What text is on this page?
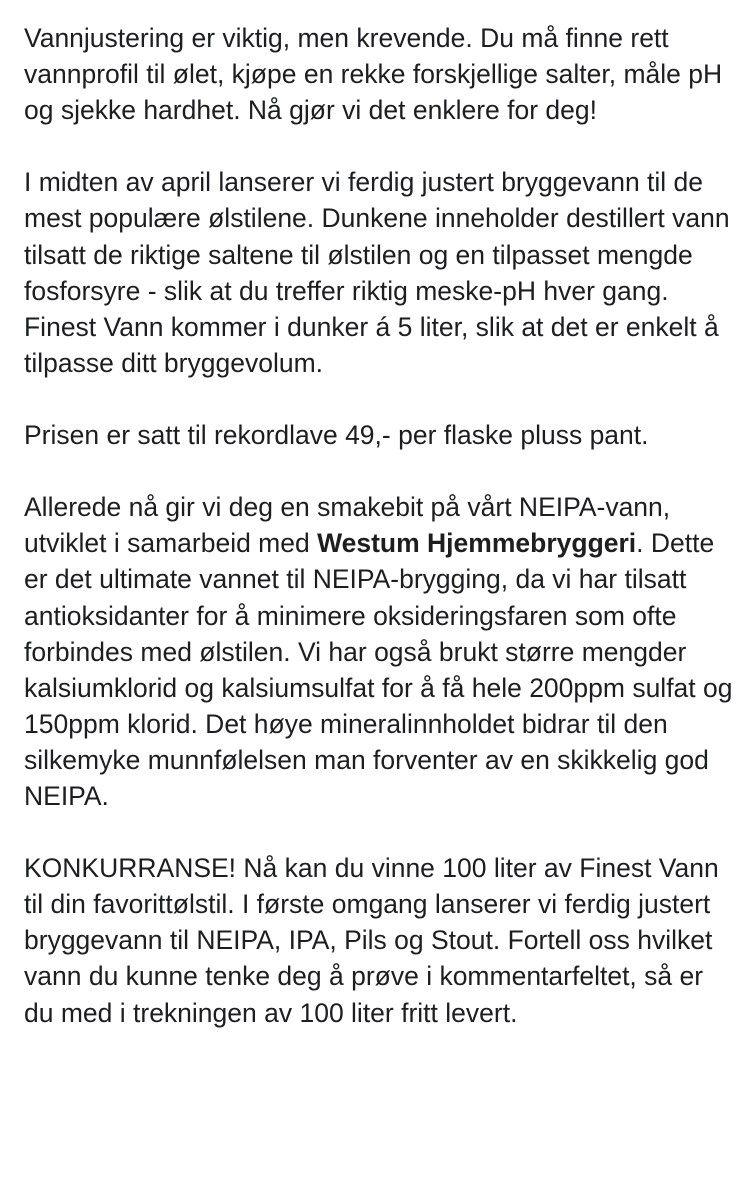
Vannjustering er viktig, men krevende. Du må finne rett vannprofil til ølet, kjøpe en rekke forskjellige salter, måle pH og sjekke hardhet. Nå gjør vi det enklere for deg!

I midten av april lanserer vi ferdig justert bryggevann til de mest populære ølstilene. Dunkene inneholder destillert vann tilsatt de riktige saltene til ølstilen og en tilpasset mengde fosforsyre - slik at du treffer riktig meske-pH hver gang. Finest Vann kommer i dunker á 5 liter, slik at det er enkelt å tilpasse ditt bryggevolum.

Prisen er satt til rekordlave 49,- per flaske pluss pant.

Allerede nå gir vi deg en smakebit på vårt NEIPA-vann, utviklet i samarbeid med Westum Hjemmebryggeri. Dette er det ultimate vannet til NEIPA-brygging, da vi har tilsatt antioksidanter for å minimere oksideringsfaren som ofte forbindes med ølstilen. Vi har også brukt større mengder kalsiumklorid og kalsiumsulfat for å få hele 200ppm sulfat og 150ppm klorid. Det høye mineralinnholdet bidrar til den silkemyke munnfølelsen man forventer av en skikkelig god NEIPA.

KONKURRANSE! Nå kan du vinne 100 liter av Finest Vann til din favorittølstil. I første omgang lanserer vi ferdig justert bryggevann til NEIPA, IPA, Pils og Stout. Fortell oss hvilket vann du kunne tenke deg å prøve i kommentarfeltet, så er du med i trekningen av 100 liter fritt levert.
